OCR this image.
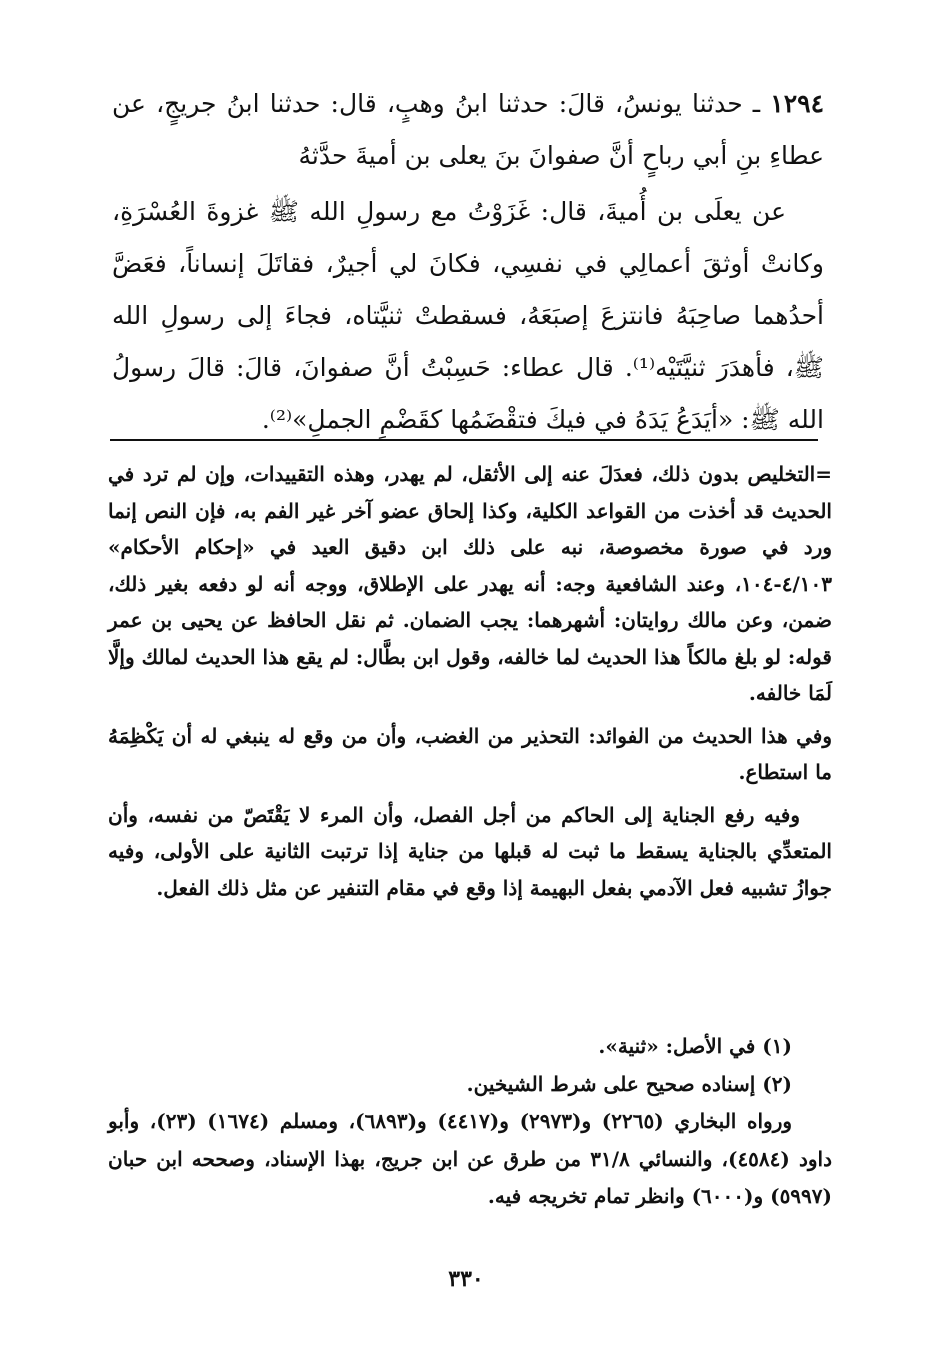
١٢٩٤ ـ حدثنا يونسُ، قالَ: حدثنا ابنُ وهبٍ، قال: حدثنا ابنُ جريجٍ، عن عطاءِ بنِ أبي رباحٍ أنَّ صفوانَ بنَ يعلى بن أميةَ حدَّثهُ

عن يعلَى بن أُميةَ، قال: غَزَوْتُ مع رسولِ الله ﷺ غزوةَ العُسْرَةِ، وكانتْ أوثقَ أعمالِي في نفسِي، فكانَ لي أجيرٌ، فقاتَلَ إنساناً، فعَضَّ أحدُهما صاحِبَهُ فانتزعَ إصبَعَهُ، فسقطتْ ثنيَّتاه، فجاءَ إلى رسولِ الله ﷺ، فأهدَرَ ثنيَّتَيْه⁽¹⁾. قال عطاء: حَسِبْتُ أنَّ صفوانَ، قالَ: قالَ رسولُ الله ﷺ: «أيَدَعُ يَدَهُ في فيكَ فتقْضَمُها كقَضْمِ الجملِ»⁽²⁾.

=التخليص بدون ذلك، فعدَلَ عنه إلى الأثقل، لم يهدر، وهذه التقييدات، وإن لم ترد في الحديث قد أخذت من القواعد الكلية، وكذا إلحاق عضو آخر غير الفم به، فإن النص إنما ورد في صورة مخصوصة، نبه على ذلك ابن دقيق العيد في «إحكام الأحكام» ٤/١٠٣-١٠٤، وعند الشافعية وجه: أنه يهدر على الإطلاق، ووجه أنه لو دفعه بغير ذلك، ضمن، وعن مالك روايتان: أشهرهما: يجب الضمان. ثم نقل الحافظ عن يحيى بن عمر قوله: لو بلغ مالكاً هذا الحديث لما خالفه، وقول ابن بطَّال: لم يقع هذا الحديث لمالك وإلَّا لَمَا خالفه.

وفي هذا الحديث من الفوائد: التحذير من الغضب، وأن من وقع له ينبغي له أن يَكْظِمَهُ ما استطاع.

وفيه رفع الجناية إلى الحاكم من أجل الفصل، وأن المرء لا يَقْتَصّ من نفسه، وأن المتعدِّي بالجناية يسقط ما ثبت له قبلها من جناية إذا ترتبت الثانية على الأولى، وفيه جوازُ تشبيه فعل الآدمي بفعل البهيمة إذا وقع في مقام التنفير عن مثل ذلك الفعل.

(١) في الأصل: «ثنية».

(٢) إسناده صحيح على شرط الشيخين.

ورواه البخاري (٢٢٦٥) و(٢٩٧٣) و(٤٤١٧) و(٦٨٩٣)، ومسلم (١٦٧٤) (٢٣)، وأبو داود (٤٥٨٤)، والنسائي ٣١/٨ من طرق عن ابن جريج، بهذا الإسناد، وصححه ابن حبان (٥٩٩٧) و(٦٠٠٠) وانظر تمام تخريجه فيه.

٣٣٠
